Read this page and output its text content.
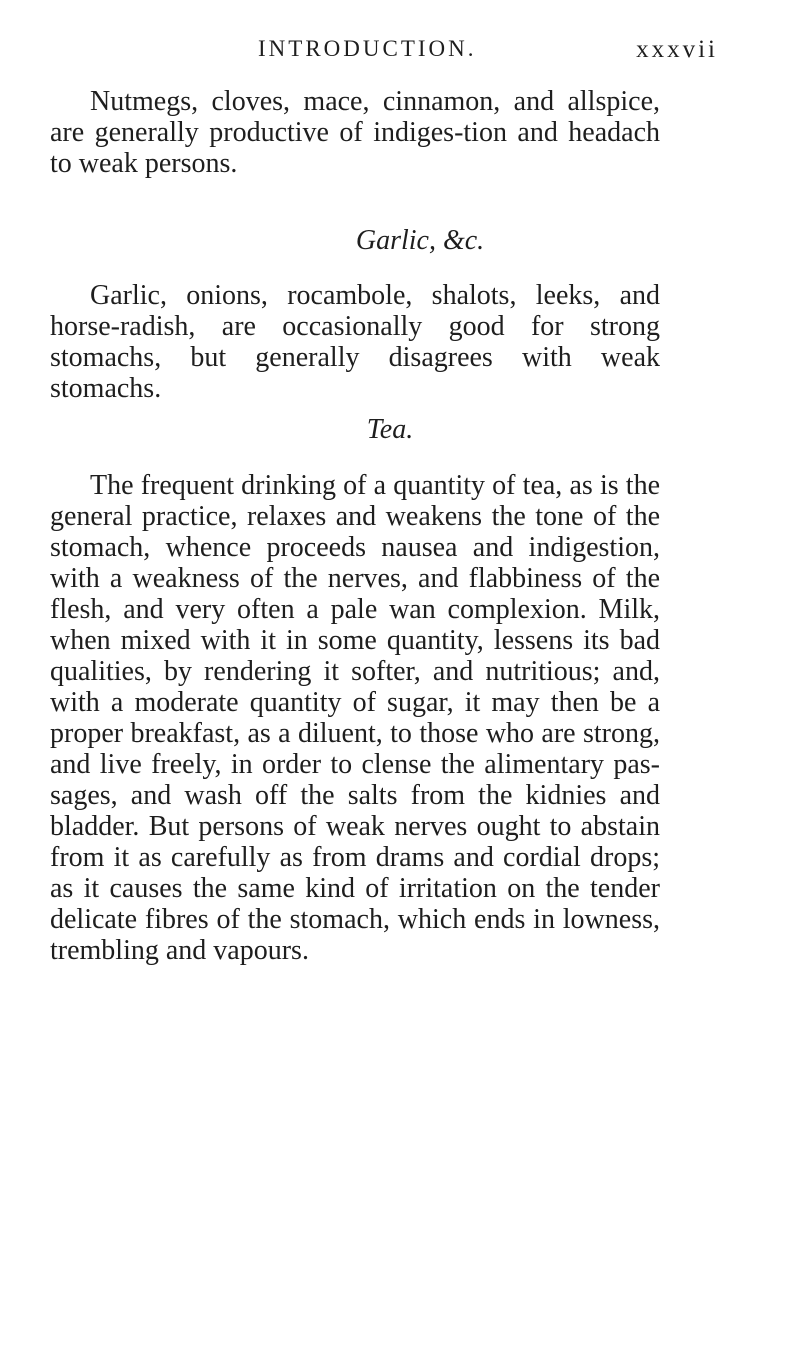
INTRODUCTION.	xxxvii

Nutmegs, cloves, mace, cinnamon, and allspice, are generally productive of indiges-tion and headach to weak persons.

Garlic, &c.

Garlic, onions, rocambole, shalots, leeks, and horse-radish, are occasionally good for strong stomachs, but generally disagrees with weak stomachs.

Tea.

The frequent drinking of a quantity of tea, as is the general practice, relaxes and weakens the tone of the stomach, whence proceeds nausea and indigestion, with a weakness of the nerves, and flabbiness of the flesh, and very often a pale wan complexion. Milk, when mixed with it in some quantity, lessens its bad qualities, by rendering it softer, and nutritious; and, with a moderate quantity of sugar, it may then be a proper breakfast, as a diluent, to those who are strong, and live freely, in order to clense the alimentary pas-sages, and wash off the salts from the kidnies and bladder. But persons of weak nerves ought to abstain from it as carefully as from drams and cordial drops; as it causes the same kind of irritation on the tender delicate fibres of the stomach, which ends in lowness, trembling and vapours.
